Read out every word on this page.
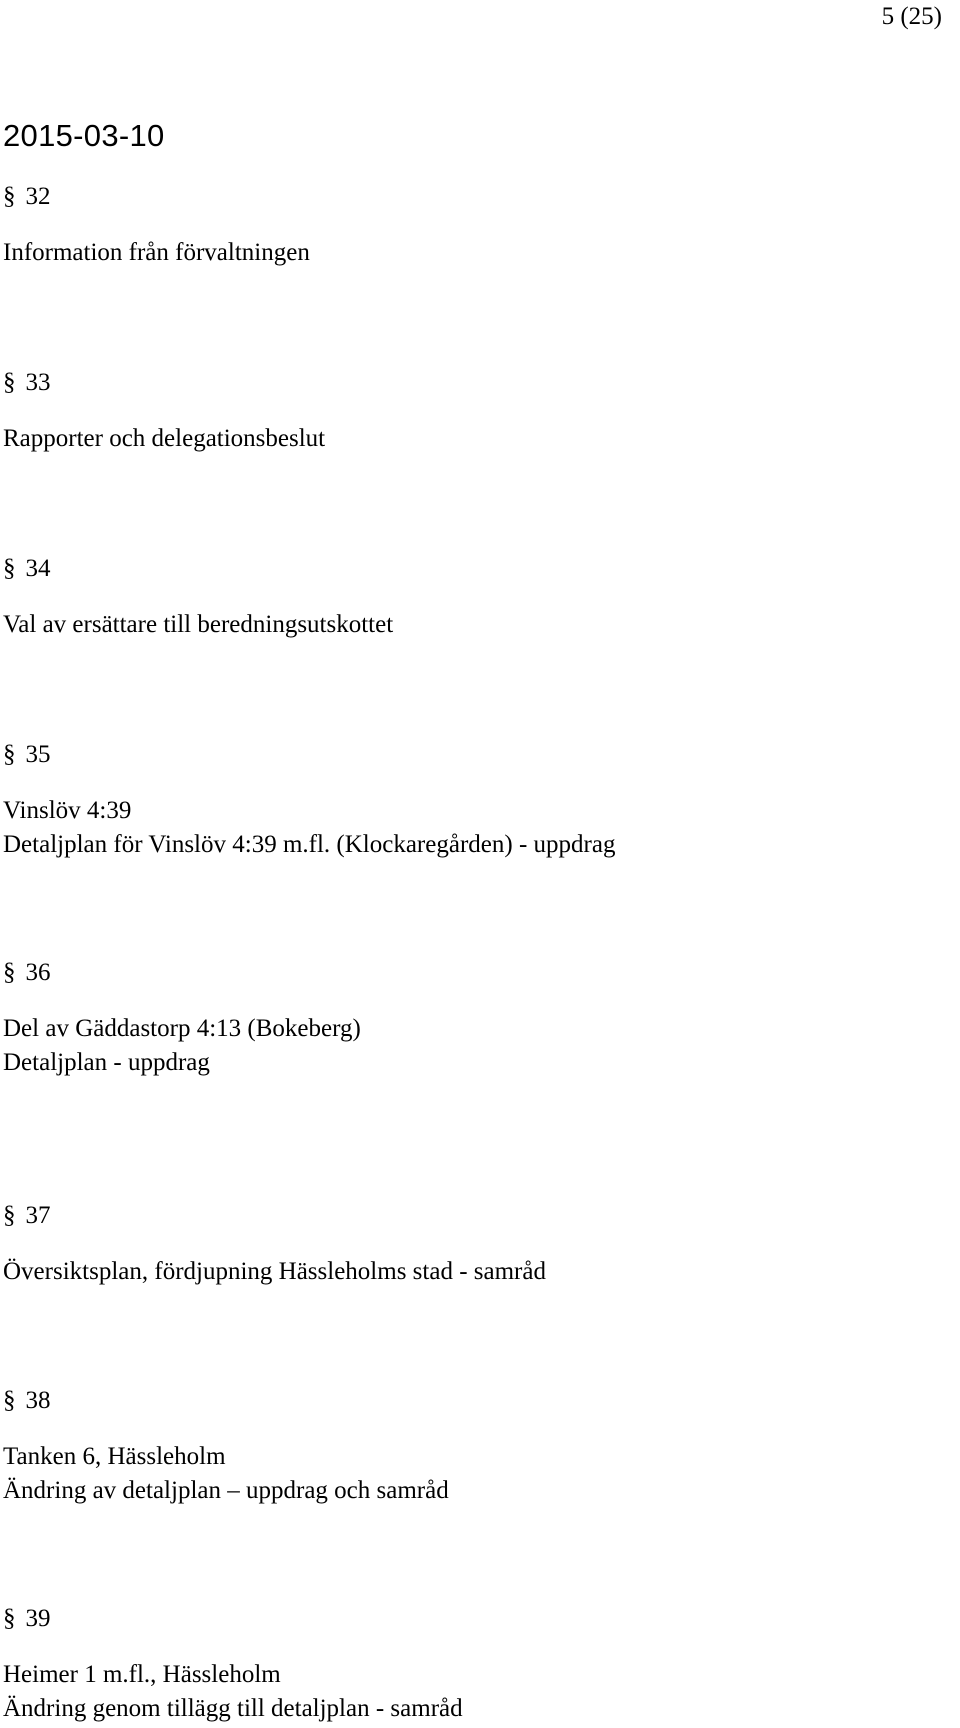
5 (25)
2015-03-10
§ 32
Information från förvaltningen
§ 33
Rapporter och delegationsbeslut
§ 34
Val av ersättare till beredningsutskottet
§ 35
Vinslöv 4:39
Detaljplan för Vinslöv 4:39 m.fl. (Klockaregården) - uppdrag
§ 36
Del av Gäddastorp 4:13 (Bokeberg)
Detaljplan - uppdrag
§ 37
Översiktsplan, fördjupning Hässleholms stad - samråd
§ 38
Tanken 6, Hässleholm
Ändring av detaljplan – uppdrag och samråd
§ 39
Heimer 1 m.fl., Hässleholm
Ändring genom tillägg till detaljplan - samråd
